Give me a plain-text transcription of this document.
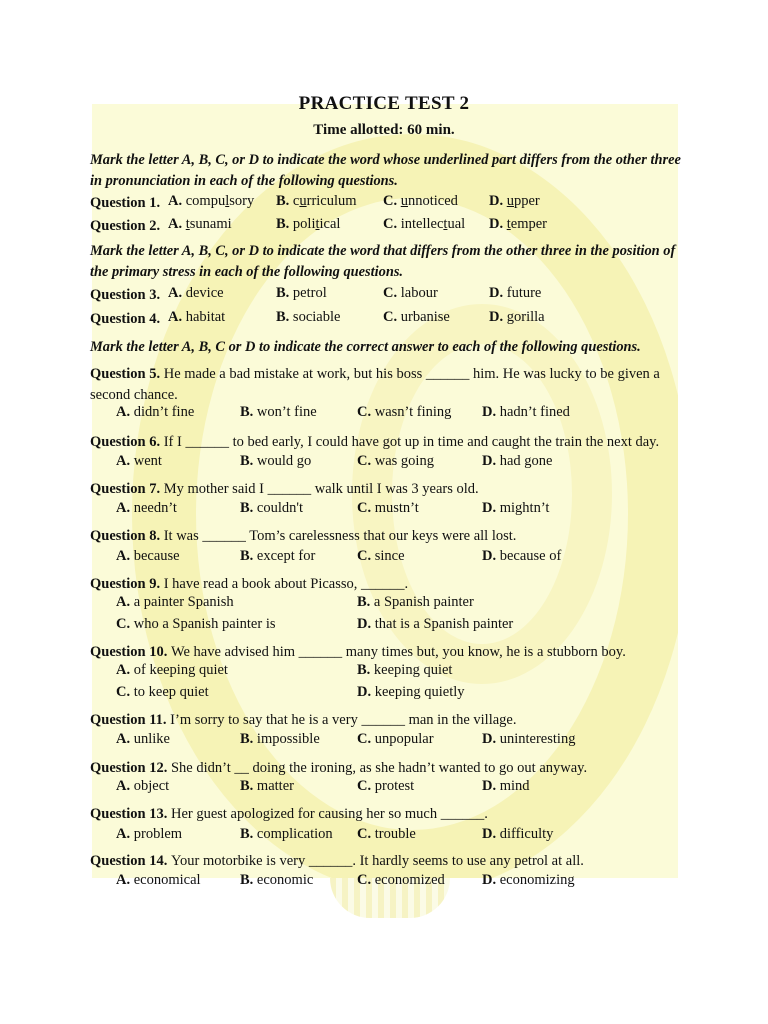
PRACTICE TEST 2
Time allotted: 60 min.
Mark the letter A, B, C, or D to indicate the word whose underlined part differs from the other three in pronunciation in each of the following questions.
Question 1. A. compulsory B. curriculum C. unnoticed D. upper
Question 2. A. tsunami	B. political	C. intellectual D. temper
Question 3. A. device	B. petrol	C. labour	D. future
Question 4. A. habitat	B. sociable	C. urbanise	D. gorilla
Question 5. He made a bad mistake at work, but his boss ______ him. He was lucky to be given a second chance.
A. didn’t fine	B. won’t fine	C. wasn’t fining D. hadn’t fined
Question 6. If I ______ to bed early, I could have got up in time and caught the train the next day.
A. went	B. would go	C. was going	D. had gone
Question 7. My mother said I ______ walk until I was 3 years old.
A. needn’t	B. couldn't	C. mustn’t	D. mightn’t
Question 8. It was ______ Tom’s carelessness that our keys were all lost.
A. because	B. except for	C. since	D. because of
Question 9. I have read a book about Picasso, ______.
A. a painter Spanish	B. a Spanish painter
C. who a Spanish painter is	D. that is a Spanish painter
Question 10. We have advised him ______ many times but, you know, he is a stubborn boy.
A. of keeping quiet	B. keeping quiet
C. to keep quiet	D. keeping quietly
Question 11. I’m sorry to say that he is a very ______ man in the village.
A. unlike	B. impossible	C. unpopular	D. uninteresting
Question 12. She didn’t __ doing the ironing, as she hadn’t wanted to go out anyway.
A. object	B. matter	C. protest	D. mind
Question 13. Her guest apologized for causing her so much ______.
A. problem	B. complication C. trouble	D. difficulty
Question 14. Your motorbike is very ______. It hardly seems to use any petrol at all.
A. economical	B. economic	C. economized	D. economizing
Mark the letter A, B, C, or D to indicate the word that differs from the other three in the position of the primary stress in each of the following questions.
Mark the letter A, B, C or D to indicate the correct answer to each of the following questions.
